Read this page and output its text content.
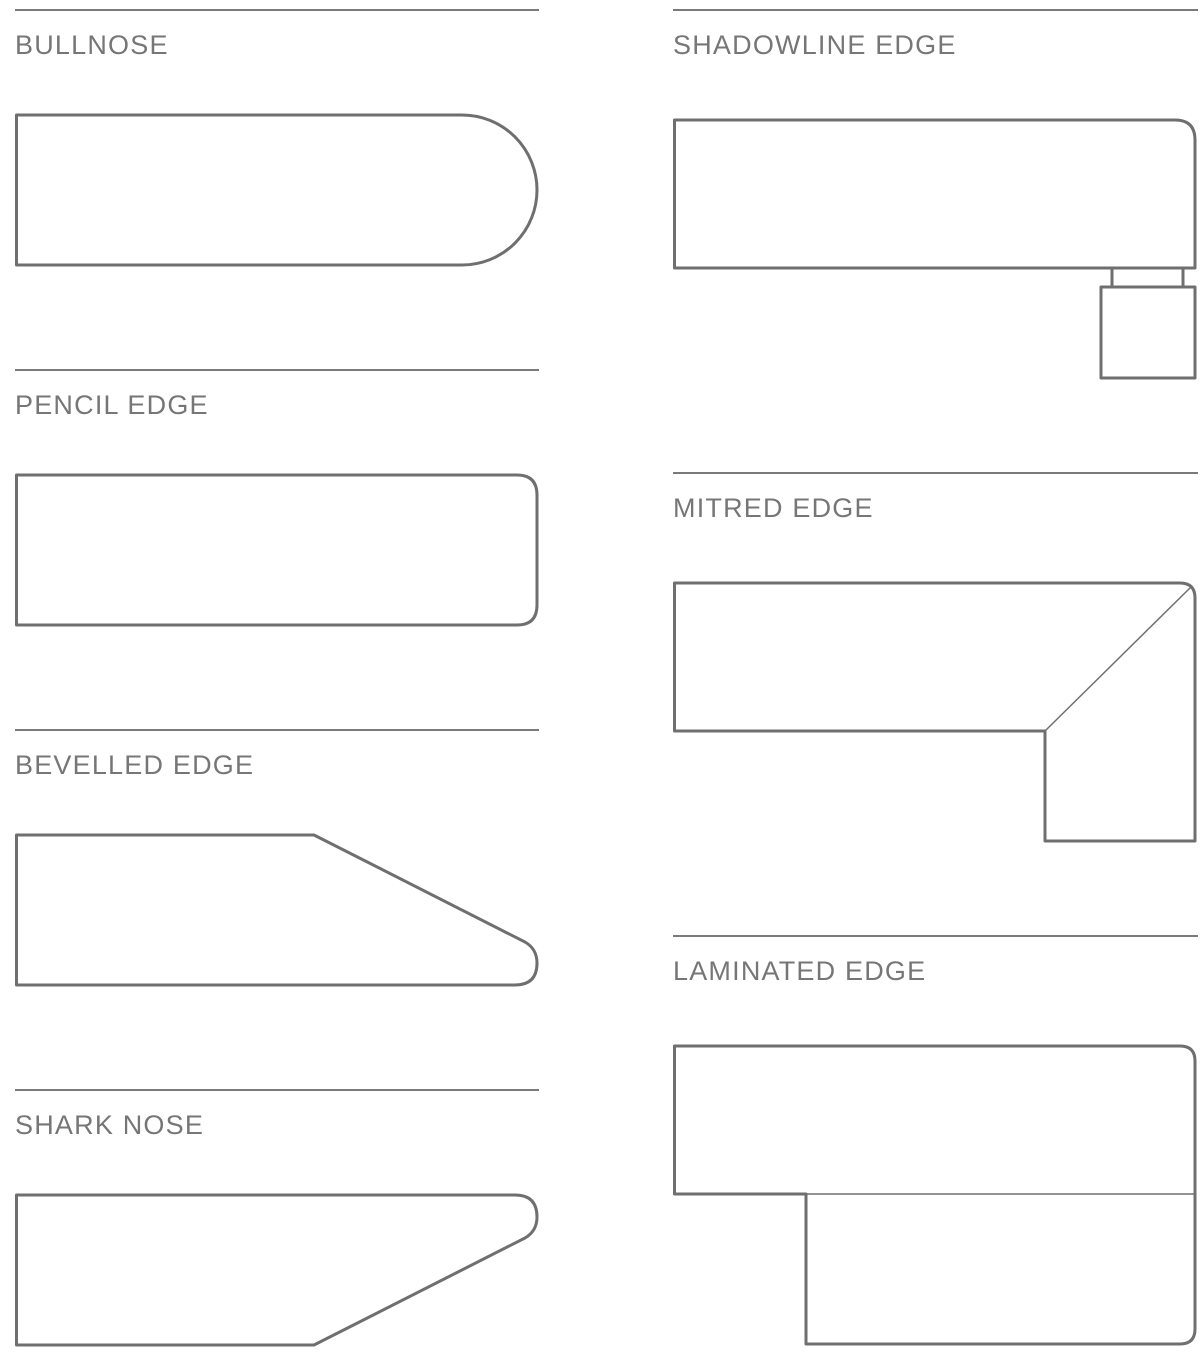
BULLNOSE
PENCIL EDGE
BEVELLED EDGE
SHARK NOSE
SHADOWLINE EDGE
MITRED EDGE
LAMINATED EDGE
